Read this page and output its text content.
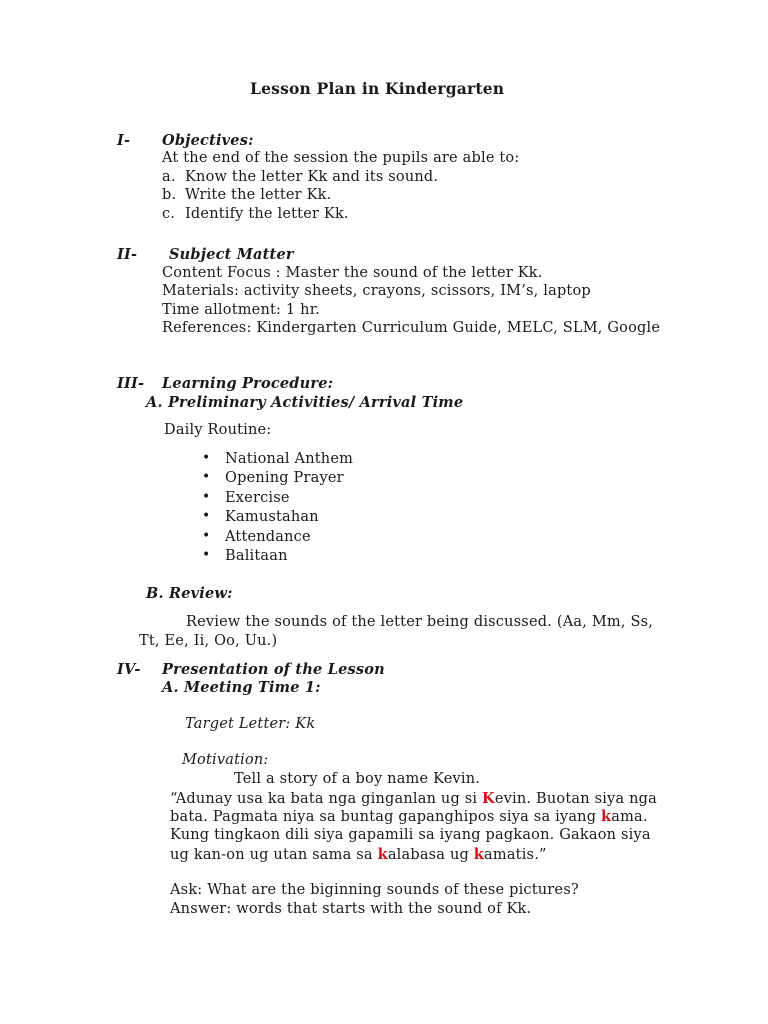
Lesson Plan in Kindergarten
I- Objectives:
At the end of the session the pupils are able to:
a. Know the letter Kk and its sound.
b. Write the letter Kk.
c. Identify the letter Kk.
II- Subject Matter
Content Focus : Master the sound of the letter Kk.
Materials: activity sheets, crayons, scissors, IM’s, laptop
Time allotment: 1 hr.
References: Kindergarten Curriculum Guide, MELC, SLM, Google
III- Learning Procedure:
A. Preliminary Activities/ Arrival Time
Daily Routine:
• National Anthem
• Opening Prayer
• Exercise
• Kamustahan
• Attendance
• Balitaan
B. Review:
Review the sounds of the letter being discussed. (Aa, Mm, Ss,
Tt, Ee, Ii, Oo, Uu.)
IV- Presentation of the Lesson
A. Meeting Time 1:
Target Letter: Kk
Motivation:
Tell a story of a boy name Kevin.
“Adunay usa ka bata nga ginganlan ug si Kevin. Buotan siya nga
bata. Pagmata niya sa buntag gapanghipos siya sa iyang kama.
Kung tingkaon dili siya gapamili sa iyang pagkaon. Gakaon siya
ug kan-on ug utan sama sa kalabasa ug kamatis.”
Ask: What are the biginning sounds of these pictures?
Answer: words that starts with the sound of Kk.
